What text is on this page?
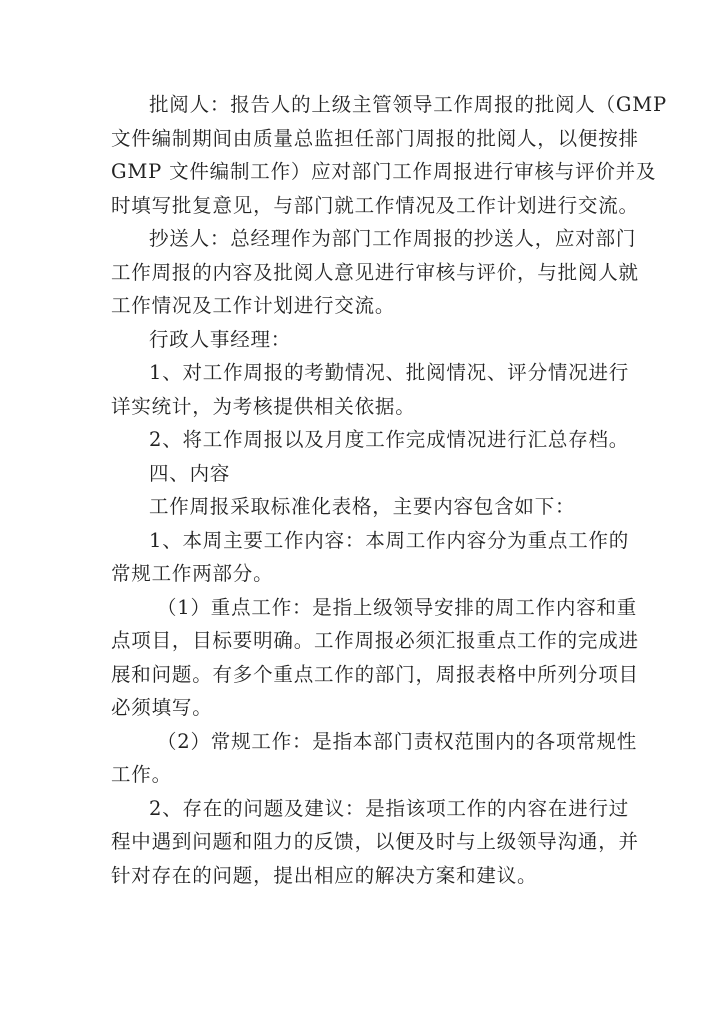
批阅人：报告人的上级主管领导工作周报的批阅人（GMP
文件编制期间由质量总监担任部门周报的批阅人，以便按排
GMP 文件编制工作）应对部门工作周报进行审核与评价并及
时填写批复意见，与部门就工作情况及工作计划进行交流。
抄送人：总经理作为部门工作周报的抄送人，应对部门
工作周报的内容及批阅人意见进行审核与评价，与批阅人就
工作情况及工作计划进行交流。
行政人事经理：
1、对工作周报的考勤情况、批阅情况、评分情况进行
详实统计，为考核提供相关依据。
2、将工作周报以及月度工作完成情况进行汇总存档。
四、内容
工作周报采取标准化表格，主要内容包含如下：
1、本周主要工作内容：本周工作内容分为重点工作的
常规工作两部分。
（1）重点工作：是指上级领导安排的周工作内容和重
点项目，目标要明确。工作周报必须汇报重点工作的完成进
展和问题。有多个重点工作的部门，周报表格中所列分项目
必须填写。
（2）常规工作：是指本部门责权范围内的各项常规性
工作。
2、存在的问题及建议：是指该项工作的内容在进行过
程中遇到问题和阻力的反馈，以便及时与上级领导沟通，并
针对存在的问题，提出相应的解决方案和建议。
